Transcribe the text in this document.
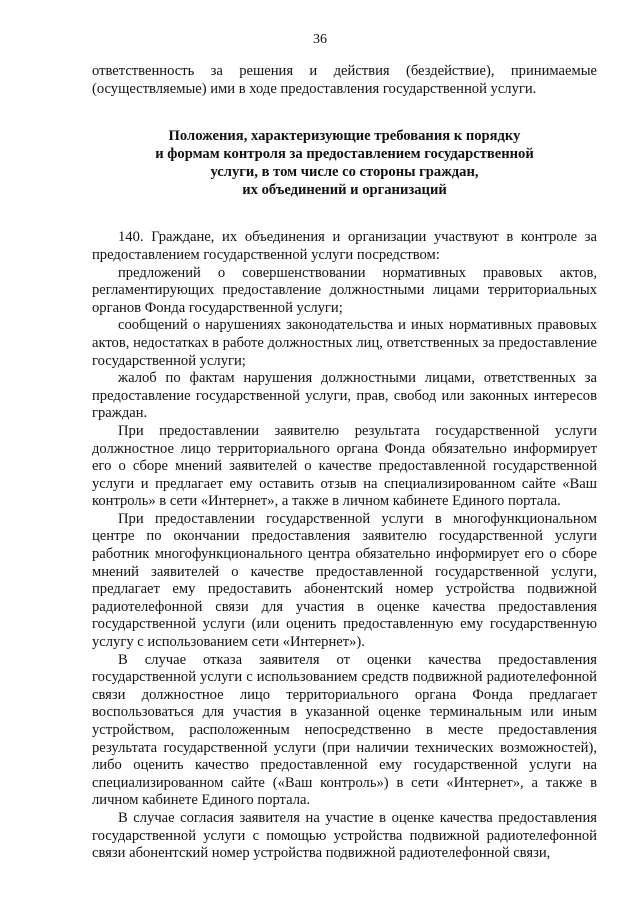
36

ответственность за решения и действия (бездействие), принимаемые (осуществляемые) ими в ходе предоставления государственной услуги.

Положения, характеризующие требования к порядку
и формам контроля за предоставлением государственной
услуги, в том числе со стороны граждан,
их объединений и организаций

140. Граждане, их объединения и организации участвуют в контроле за предоставлением государственной услуги посредством:

предложений о совершенствовании нормативных правовых актов, регламентирующих предоставление должностными лицами территориальных органов Фонда государственной услуги;

сообщений о нарушениях законодательства и иных нормативных правовых актов, недостатках в работе должностных лиц, ответственных за предоставление государственной услуги;

жалоб по фактам нарушения должностными лицами, ответственных за предоставление государственной услуги, прав, свобод или законных интересов граждан.

При предоставлении заявителю результата государственной услуги должностное лицо территориального органа Фонда обязательно информирует его о сборе мнений заявителей о качестве предоставленной государственной услуги и предлагает ему оставить отзыв на специализированном сайте «Ваш контроль» в сети «Интернет», а также в личном кабинете Единого портала.

При предоставлении государственной услуги в многофункциональном центре по окончании предоставления заявителю государственной услуги работник многофункционального центра обязательно информирует его о сборе мнений заявителей о качестве предоставленной государственной услуги, предлагает ему предоставить абонентский номер устройства подвижной радиотелефонной связи для участия в оценке качества предоставления государственной услуги (или оценить предоставленную ему государственную услугу с использованием сети «Интернет»).

В случае отказа заявителя от оценки качества предоставления государственной услуги с использованием средств подвижной радиотелефонной связи должностное лицо территориального органа Фонда предлагает воспользоваться для участия в указанной оценке терминальным или иным устройством, расположенным непосредственно в месте предоставления результата государственной услуги (при наличии технических возможностей), либо оценить качество предоставленной ему государственной услуги на специализированном сайте («Ваш контроль») в сети «Интернет», а также в личном кабинете Единого портала.

В случае согласия заявителя на участие в оценке качества предоставления государственной услуги с помощью устройства подвижной радиотелефонной связи абонентский номер устройства подвижной радиотелефонной связи,
